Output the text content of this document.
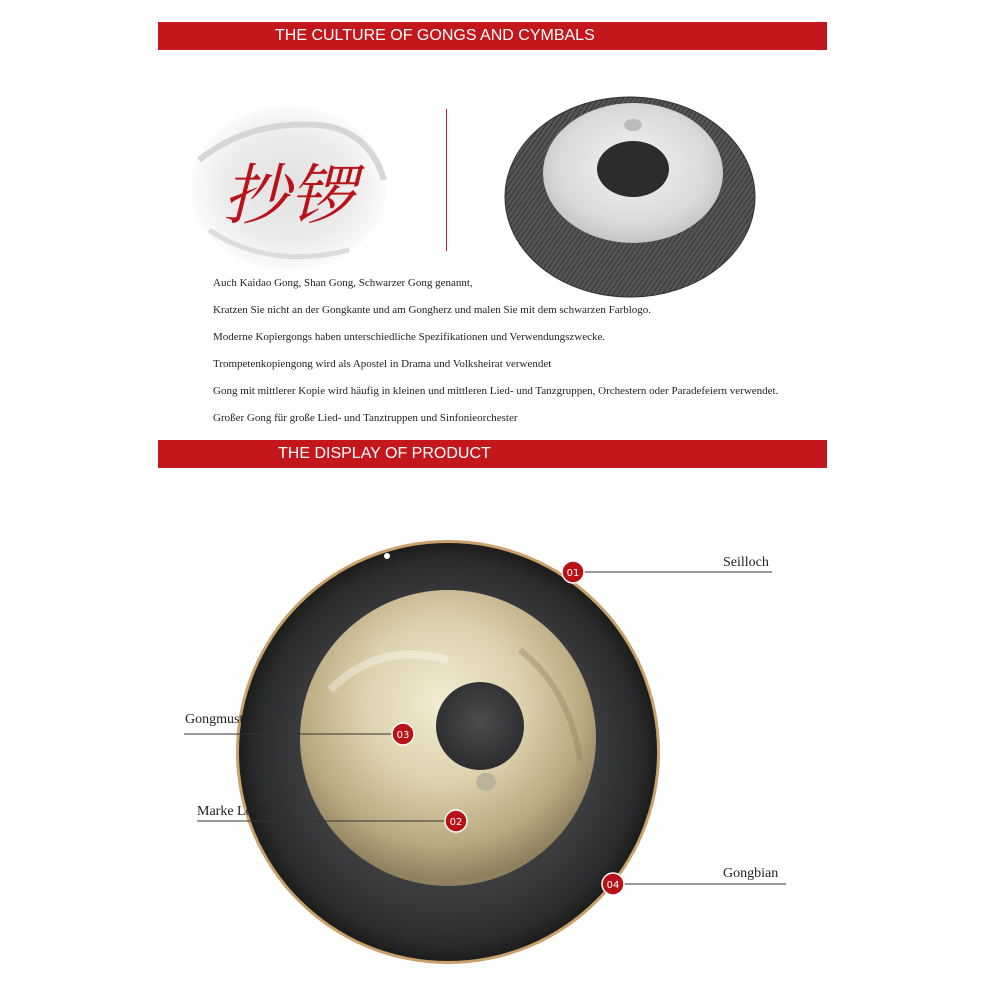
THE CULTURE OF GONGS AND CYMBALS
抄锣
Auch Kaidao Gong, Shan Gong, Schwarzer Gong genannt,
Kratzen Sie nicht an der Gongkante und am Gongherz und malen Sie mit dem schwarzen Farblogo.
Moderne Kopiergongs haben unterschiedliche Spezifikationen und Verwendungszwecke.
Trompetenkopiengong wird als Apostel in Drama und Volksheirat verwendet
Gong mit mittlerer Kopie wird häufig in kleinen und mittleren Lied- und Tanzgruppen, Orchestern oder Paradefeiern verwendet.
Großer Gong für große Lied- und Tanztruppen und Sinfonieorchester
THE DISPLAY OF PRODUCT
01
03
02
04
Seilloch
Gongmuster
Marke LoGo
Gongbian
